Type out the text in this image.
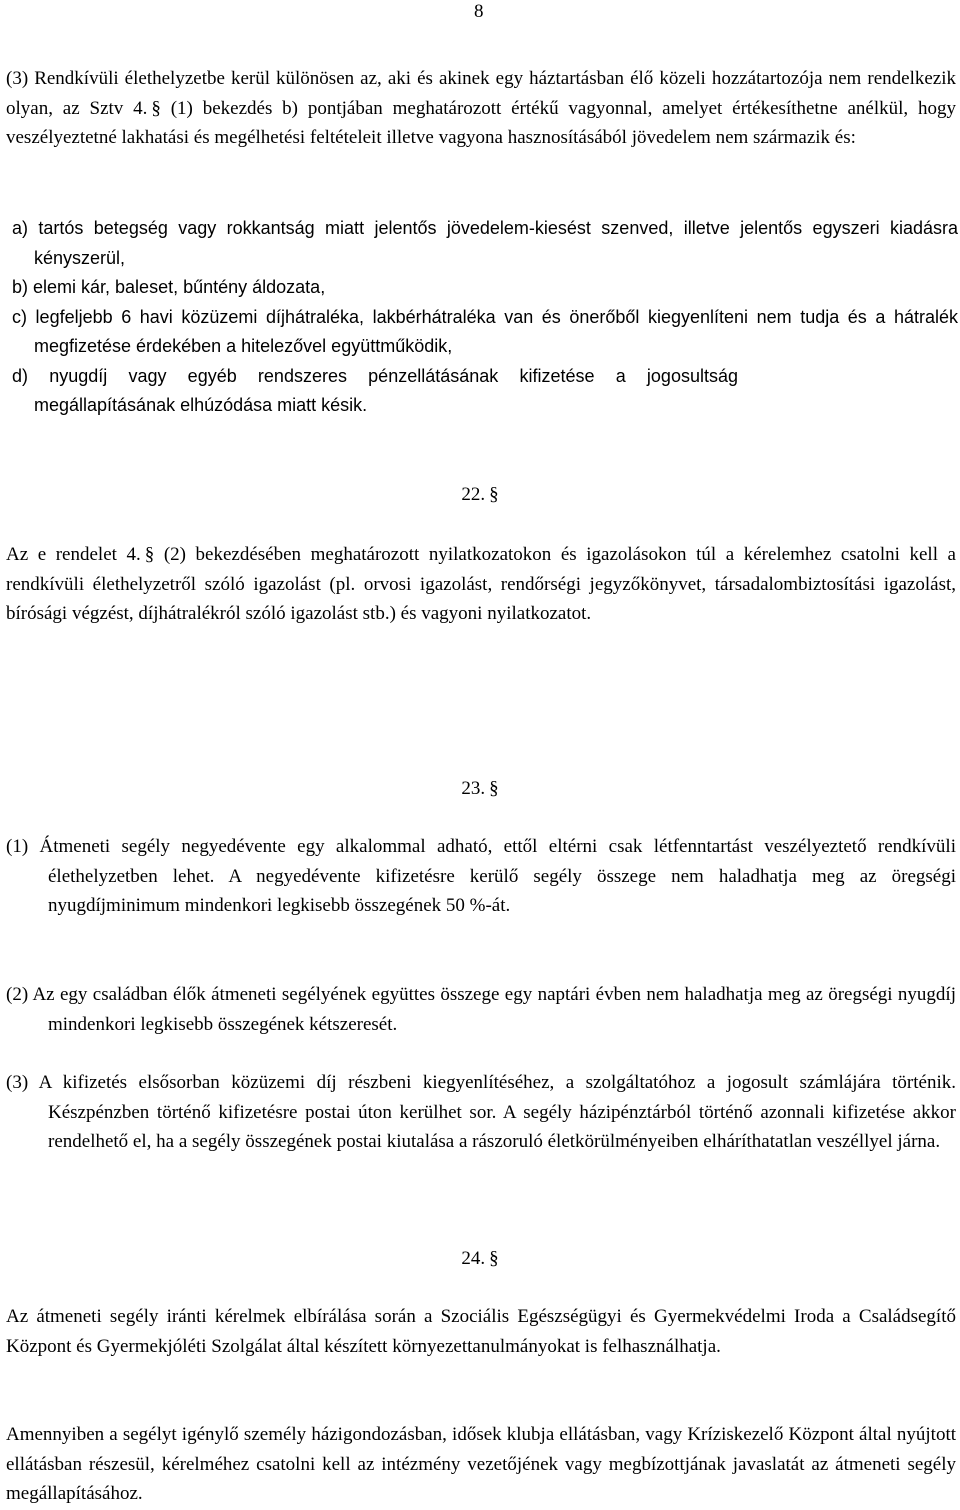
8

(3) Rendkívüli élethelyzetbe kerül különösen az, aki és akinek egy háztartásban élő közeli hozzátartozója nem rendelkezik olyan, az Sztv 4. § (1) bekezdés b) pontjában meghatározott értékű vagyonnal, amelyet értékesíthetne anélkül, hogy veszélyeztetné lakhatási és megélhetési feltételeit illetve vagyona hasznosításából jövedelem nem származik és:

a) tartós betegség vagy rokkantság miatt jelentős jövedelem-kiesést szenved, illetve jelentős egyszeri kiadásra kényszerül,

b) elemi kár, baleset, bűntény áldozata,

c) legfeljebb 6 havi közüzemi díjhátraléka, lakbérhátraléka van és önerőből kiegyenlíteni nem tudja és a hátralék megfizetése érdekében a hitelezővel együttműködik,

d) nyugdíj vagy egyéb rendszeres pénzellátásának kifizetése a jogosultság megállapításának elhúzódása miatt késik.

22. §

Az e rendelet 4. § (2) bekezdésében meghatározott nyilatkozatokon és igazolásokon túl a kérelemhez csatolni kell a rendkívüli élethelyzetről szóló igazolást (pl. orvosi igazolást, rendőrségi jegyzőkönyvet, társadalombiztosítási igazolást, bírósági végzést, díjhátralékról szóló igazolást stb.) és vagyoni nyilatkozatot.

23. §

(1) Átmeneti segély negyedévente egy alkalommal adható, ettől eltérni csak létfenntartást veszélyeztető rendkívüli élethelyzetben lehet. A negyedévente kifizetésre kerülő segély összege nem haladhatja meg az öregségi nyugdíjminimum mindenkori legkisebb összegének 50 %-át.

(2) Az egy családban élők átmeneti segélyének együttes összege egy naptári évben nem haladhatja meg az öregségi nyugdíj mindenkori legkisebb összegének kétszeresét.

(3) A kifizetés elsősorban közüzemi díj részbeni kiegyenlítéséhez, a szolgáltatóhoz a jogosult számlájára történik. Készpénzben történő kifizetésre postai úton kerülhet sor. A segély házipénztárból történő azonnali kifizetése akkor rendelhető el, ha a segély összegének postai kiutalása a rászoruló életkörülményeiben elháríthatatlan veszéllyel járna.

24. §

Az átmeneti segély iránti kérelmek elbírálása során a Szociális Egészségügyi és Gyermekvédelmi Iroda a Családsegítő Központ és Gyermekjóléti Szolgálat által készített környezettanulmányokat is felhasználhatja.

Amennyiben a segélyt igénylő személy házigondozásban, idősek klubja ellátásban, vagy Kríziskezelő Központ által nyújtott ellátásban részesül, kérelméhez csatolni kell az intézmény vezetőjének vagy megbízottjának javaslatát az átmeneti segély megállapításához.
